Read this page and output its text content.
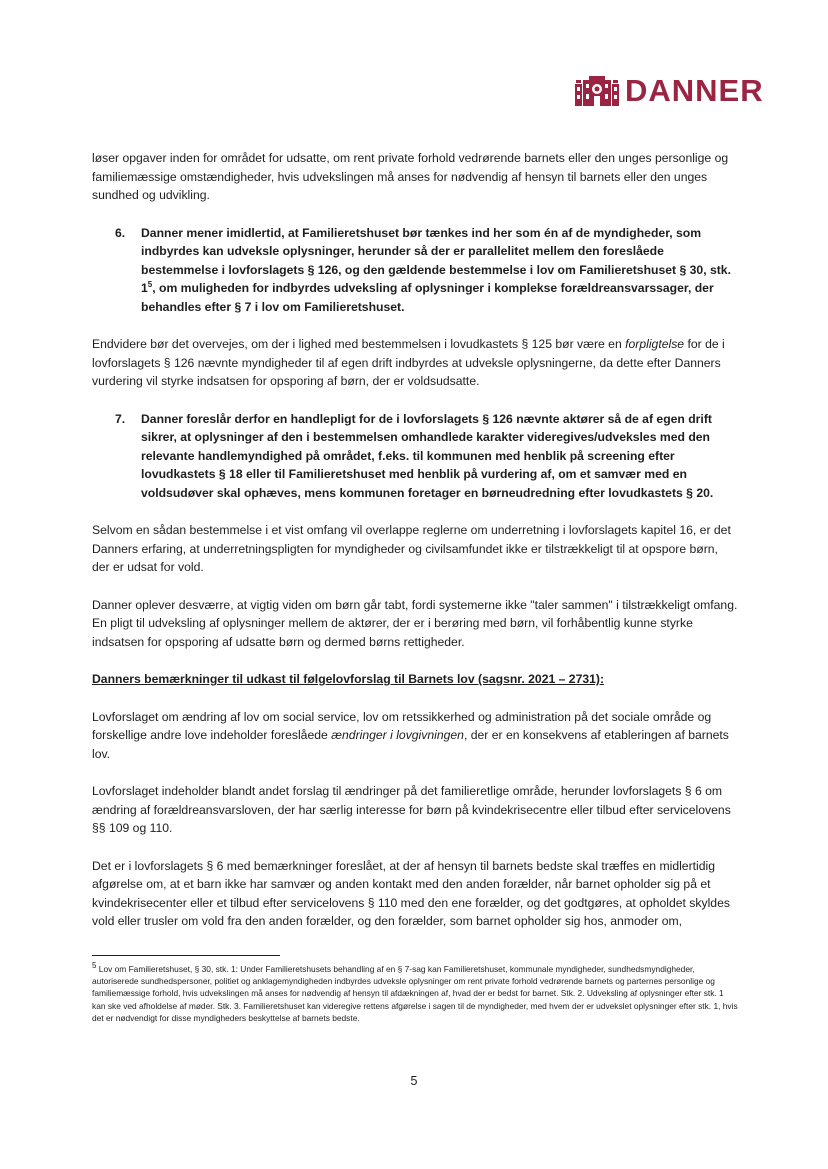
DANNER

løser opgaver inden for området for udsatte, om rent private forhold vedrørende barnets eller den unges personlige og familiemæssige omstændigheder, hvis udvekslingen må anses for nødvendig af hensyn til barnets eller den unges sundhed og udvikling.

6.	Danner mener imidlertid, at Familieretshuset bør tænkes ind her som én af de myndigheder, som indbyrdes kan udveksle oplysninger, herunder så der er parallelitet mellem den foreslåede bestemmelse i lovforslagets § 126, og den gældende bestemmelse i lov om Familieretshuset § 30, stk. $1^5$, om muligheden for indbyrdes udveksling af oplysninger i komplekse forældreansvarssager, der behandles efter § 7 i lov om Familieretshuset.

Endvidere bør det overvejes, om der i lighed med bestemmelsen i lovudkastets § 125 bør være en forpligtelse for de i lovforslagets § 126 nævnte myndigheder til af egen drift indbyrdes at udveksle oplysningerne, da dette efter Danners vurdering vil styrke indsatsen for opsporing af børn, der er voldsudsatte.

7.	Danner foreslår derfor en handlepligt for de i lovforslagets § 126 nævnte aktører så de af egen drift sikrer, at oplysninger af den i bestemmelsen omhandlede karakter videregives/udveksles med den relevante handlemyndighed på området, f.eks. til kommunen med henblik på screening efter lovudkastets § 18 eller til Familieretshuset med henblik på vurdering af, om et samvær med en voldsudøver skal ophæves, mens kommunen foretager en børneudredning efter lovudkastets § 20.

Selvom en sådan bestemmelse i et vist omfang vil overlappe reglerne om underretning i lovforslagets kapitel 16, er det Danners erfaring, at underretningspligten for myndigheder og civilsamfundet ikke er tilstrækkeligt til at opspore børn, der er udsat for vold.

Danner oplever desværre, at vigtig viden om børn går tabt, fordi systemerne ikke "taler sammen" i tilstrækkeligt omfang. En pligt til udveksling af oplysninger mellem de aktører, der er i berøring med børn, vil forhåbentlig kunne styrke indsatsen for opsporing af udsatte børn og dermed børns rettigheder.

Danners bemærkninger til udkast til følgelovforslag til Barnets lov (sagsnr. 2021 – 2731):

Lovforslaget om ændring af lov om social service, lov om retssikkerhed og administration på det sociale område og forskellige andre love indeholder foreslåede ændringer i lovgivningen, der er en konsekvens af etableringen af barnets lov.

Lovforslaget indeholder blandt andet forslag til ændringer på det familieretlige område, herunder lovforslagets § 6 om ændring af forældreansvarsloven, der har særlig interesse for børn på kvindekrisecentre eller tilbud efter servicelovens §§ 109 og 110.

Det er i lovforslagets § 6 med bemærkninger foreslået, at der af hensyn til barnets bedste skal træffes en midlertidig afgørelse om, at et barn ikke har samvær og anden kontakt med den anden forælder, når barnet opholder sig på et kvindekrisecenter eller et tilbud efter servicelovens § 110 med den ene forælder, og det godtgøres, at opholdet skyldes vold eller trusler om vold fra den anden forælder, og den forælder, som barnet opholder sig hos, anmoder om,

$^5$ Lov om Familieretshuset, § 30, stk. 1: Under Familieretshusets behandling af en § 7-sag kan Familieretshuset, kommunale myndigheder, sundhedsmyndigheder, autoriserede sundhedspersoner, politiet og anklagemyndigheden indbyrdes udveksle oplysninger om rent private forhold vedrørende barnets og parternes personlige og familiemæssige forhold, hvis udvekslingen må anses for nødvendig af hensyn til afdækningen af, hvad der er bedst for barnet. Stk. 2. Udveksling af oplysninger efter stk. 1 kan ske ved afholdelse af møder. Stk. 3. Familieretshuset kan videregive rettens afgørelse i sagen til de myndigheder, med hvem der er udvekslet oplysninger efter stk. 1, hvis det er nødvendigt for disse myndigheders beskyttelse af barnets bedste.
5
